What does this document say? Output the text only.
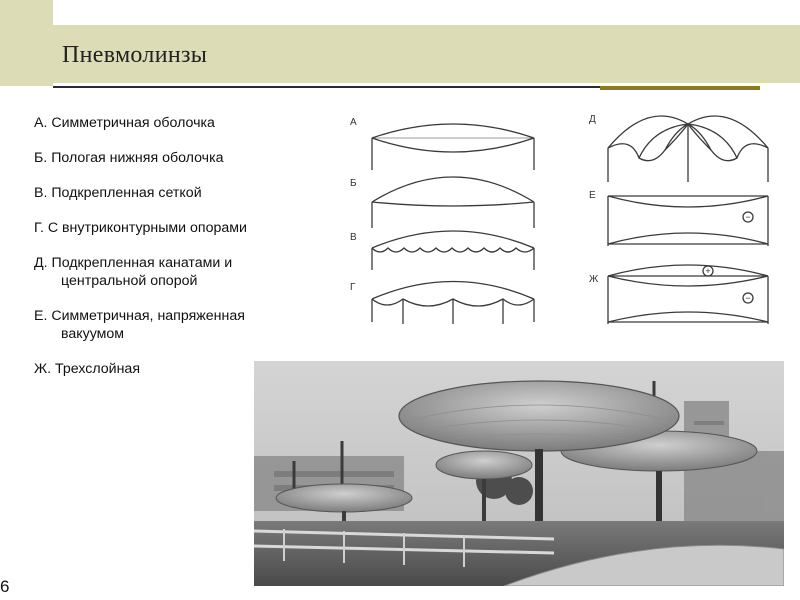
Пневмолинзы
А. Симметричная оболочка
Б. Пологая нижняя оболочка
В. Подкрепленная сеткой
Г. С внутриконтурными опорами
Д. Подкрепленная канатами и
центральной опорой
Е. Симметричная, напряженная
вакуумом
Ж. Трехслойная
А
Б
В
Г
Д
Е
Ж
−
+
−
6
